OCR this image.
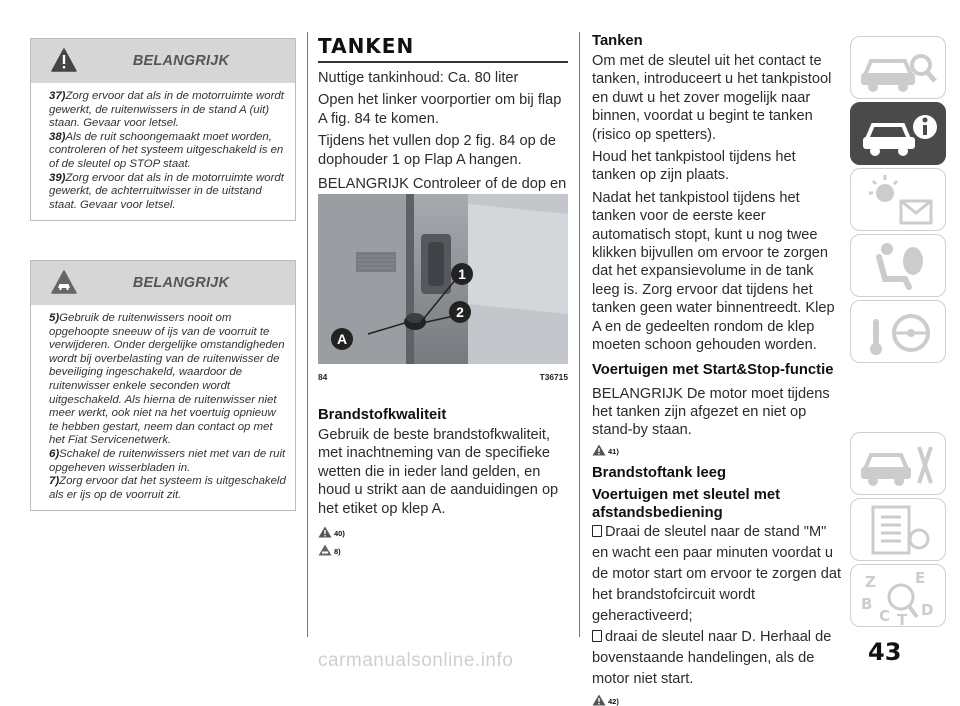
BELANGRIJK
37)Zorg ervoor dat als in de motorruimte wordt gewerkt, de ruitenwissers in de stand A (uit) staan. Gevaar voor letsel.
38)Als de ruit schoongemaakt moet worden, controleren of het systeem uitgeschakeld is en of de sleutel op STOP staat.
39)Zorg ervoor dat als in de motorruimte wordt gewerkt, de achterruitwisser in de uitstand staat. Gevaar voor letsel.
BELANGRIJK
5)Gebruik de ruitenwissers nooit om opgehoopte sneeuw of ijs van de voorruit te verwijderen. Onder dergelijke omstandigheden wordt bij overbelasting van de ruitenwisser de beveiliging ingeschakeld, waardoor de ruitenwisser enkele seconden wordt uitgeschakeld. Als hierna de ruitenwisser niet meer werkt, ook niet na het voertuig opnieuw te hebben gestart, neem dan contact op met het Fiat Servicenetwerk.
6)Schakel de ruitenwissers niet met van de ruit opgeheven wisserbladen in.
7)Zorg ervoor dat het systeem is uitgeschakeld als er ijs op de voorruit zit.
TANKEN

Nuttige tankinhoud: Ca. 80 liter

Open het linker voorportier om bij flap A fig. 84 te komen.

Tijdens het vullen dop 2 fig. 84 op de dophouder 1 op Flap A hangen.

BELANGRIJK Controleer of de dop en

1
2
A
84	T36715
Brandstofkwaliteit

Gebruik de beste brandstofkwaliteit, met inachtneming van de specifieke wetten die in ieder land gelden, en houd u strikt aan de aanduidingen op het etiket op klep A.

40)
8)
Tanken

Om met de sleutel uit het contact te tanken, introduceert u het tankpistool en duwt u het zover mogelijk naar binnen, voordat u begint te tanken (risico op spetters).

Houd het tankpistool tijdens het tanken op zijn plaats.

Nadat het tankpistool tijdens het tanken voor de eerste keer automatisch stopt, kunt u nog twee klikken bijvullen om ervoor te zorgen dat het expansievolume in de tank leeg is. Zorg ervoor dat tijdens het tanken geen water binnentreedt. Klep A en de gedeelten rondom de klep moeten schoon gehouden worden.

Voertuigen met Start&Stop-functie

BELANGRIJK De motor moet tijdens het tanken zijn afgezet en niet op stand-by staan.

41)
Brandstoftank leeg
Voertuigen met sleutel met afstandsbediening

Draai de sleutel naar de stand "M" en wacht een paar minuten voordat u de motor start om ervoor te zorgen dat het brandstofcircuit wordt geheractiveerd;

draai de sleutel naar D. Herhaal de bovenstaande handelingen, als de motor niet start.

42)
Z	E
B
C T
D
43
carmanualsonline.info
